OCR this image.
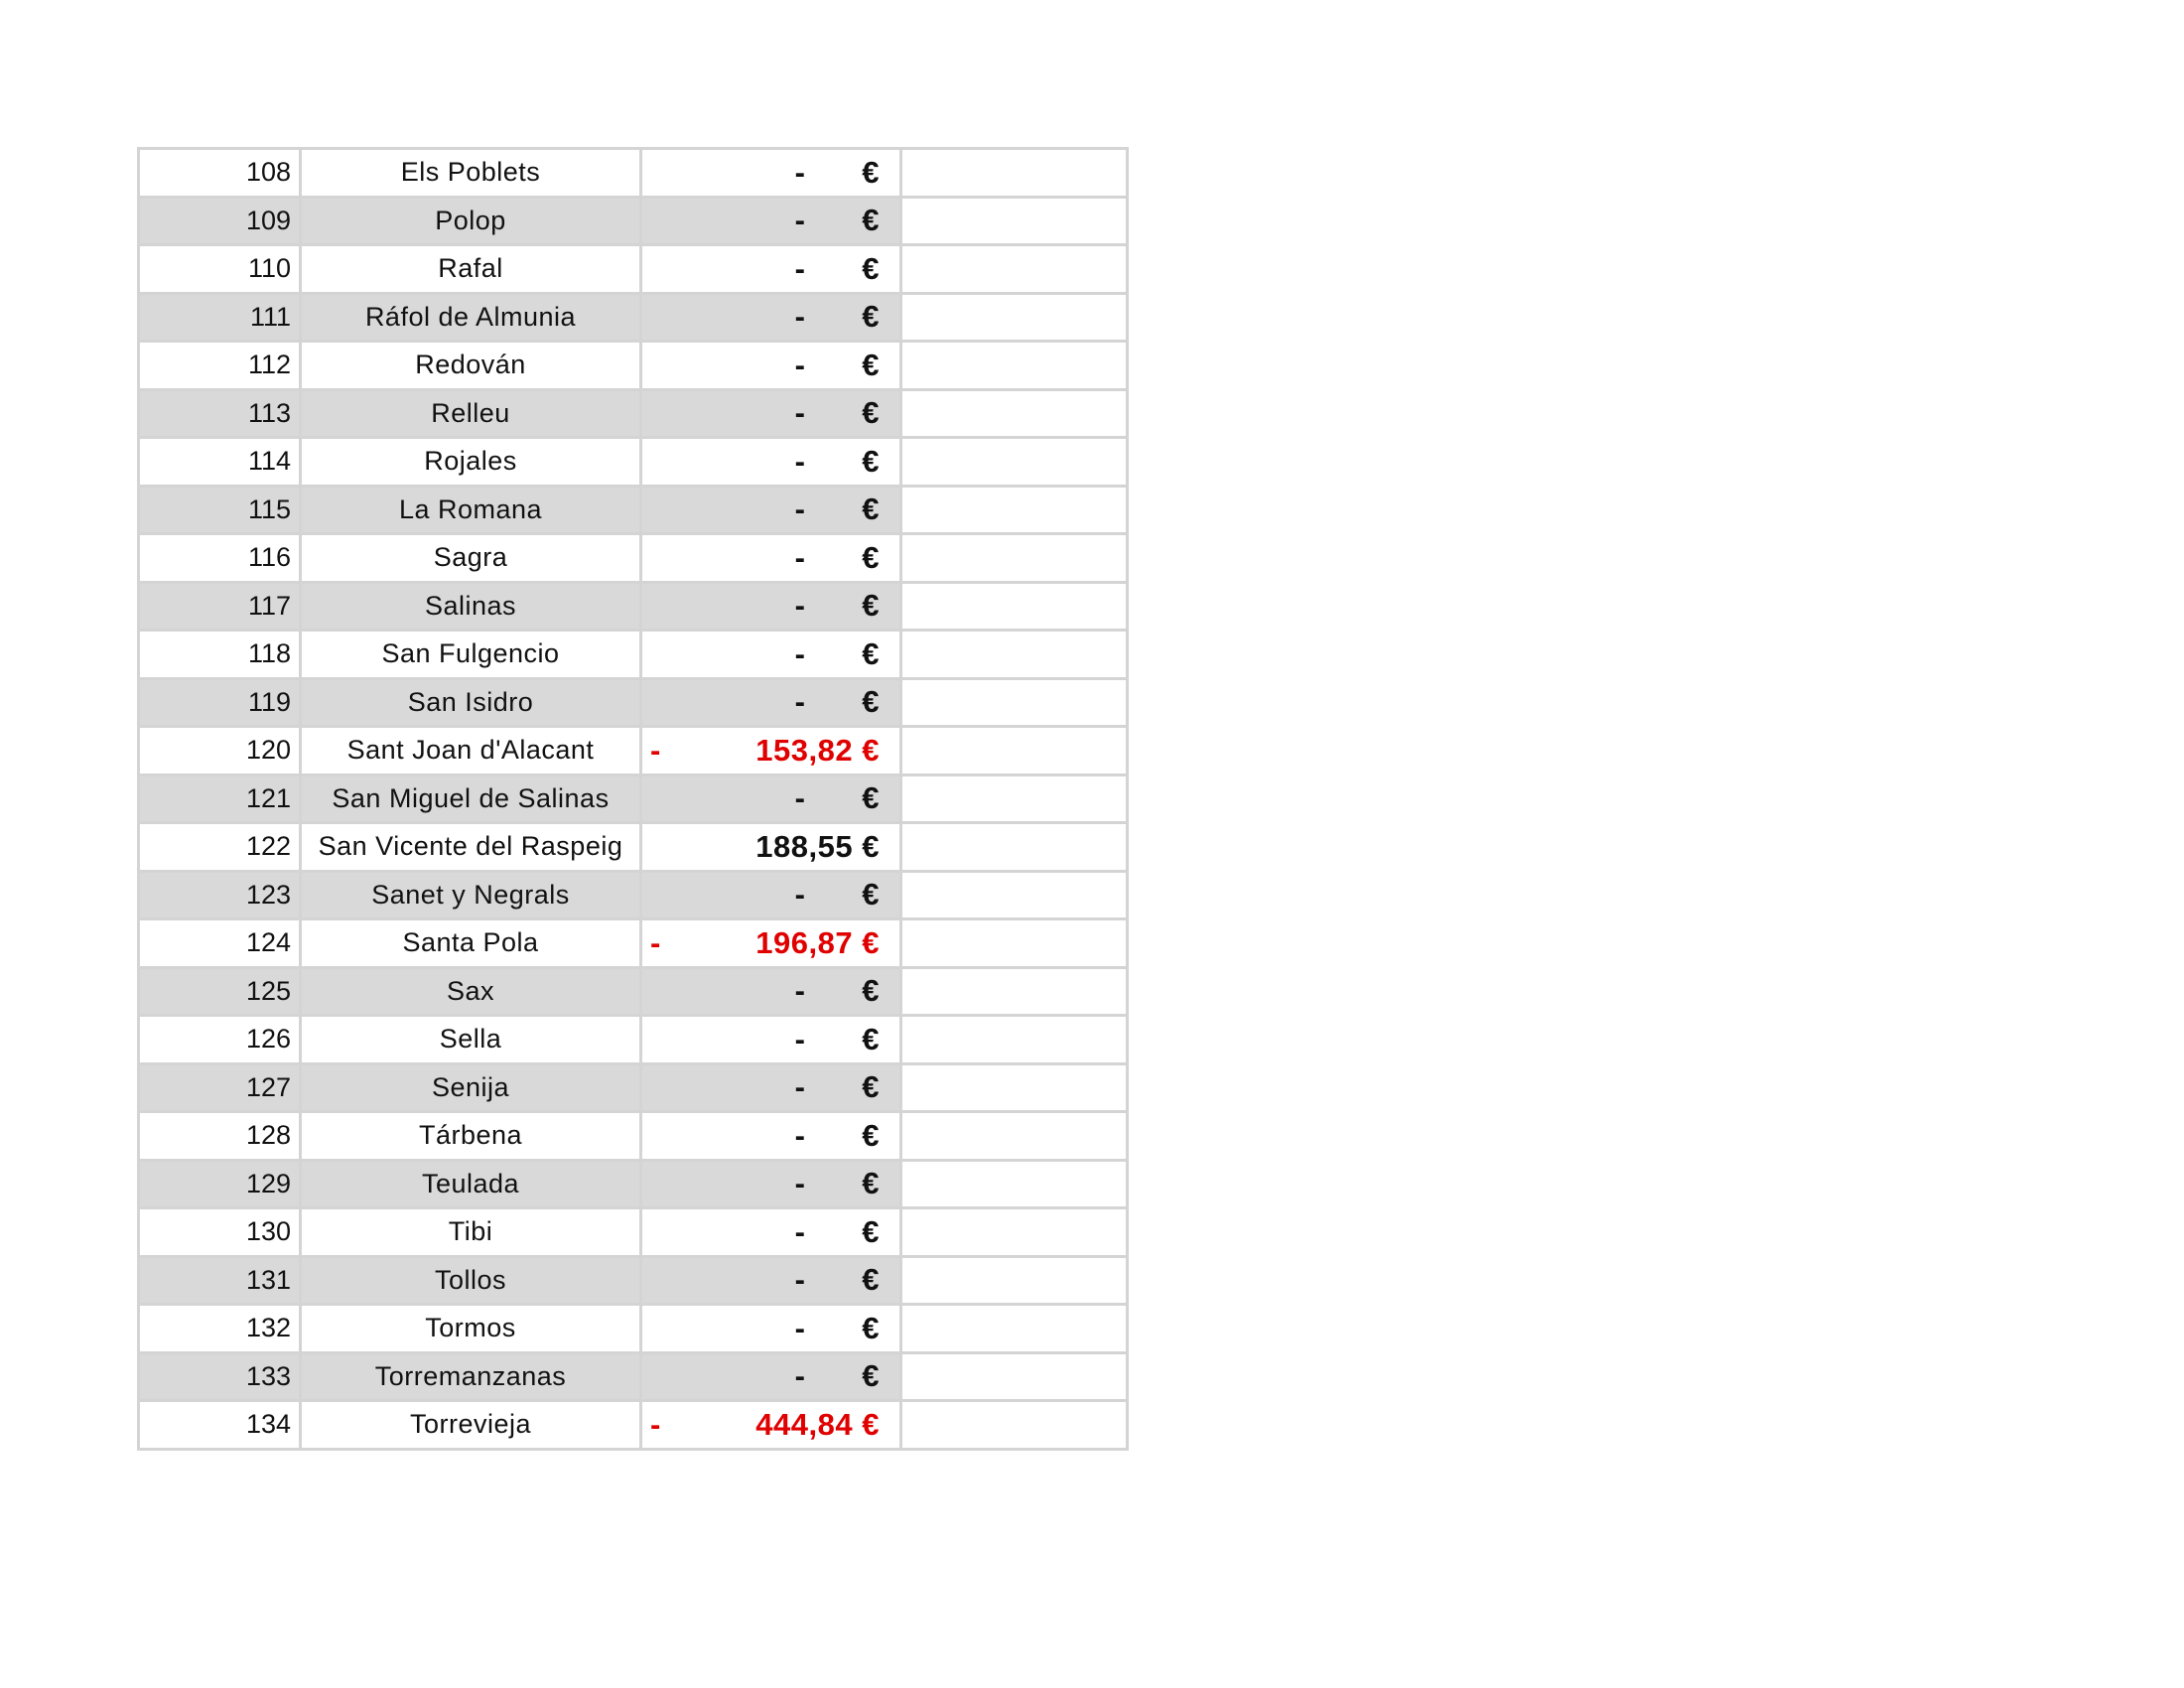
108	Els Poblets	- €	

109	Polop	- €	

110	Rafal	- €	

111	Ráfol de Almunia	- €	

112	Redován	- €	

113	Relleu	- €	

114	Rojales	- €	

115	La Romana	- €	

116	Sagra	- €	

117	Salinas	- €	

118	San Fulgencio	- €	

119	San Isidro	- €	

120	Sant Joan d'Alacant	- 153,82 €	

121	San Miguel de Salinas	- €	

122	San Vicente del Raspeig	188,55 €	

123	Sanet y Negrals	- €	

124	Santa Pola	- 196,87 €	

125	Sax	- €	

126	Sella	- €	

127	Senija	- €	

128	Tárbena	- €	

129	Teulada	- €	

130	Tibi	- €	

131	Tollos	- €	

132	Tormos	- €	

133	Torremanzanas	- €	

134	Torrevieja	- 444,84 €	
